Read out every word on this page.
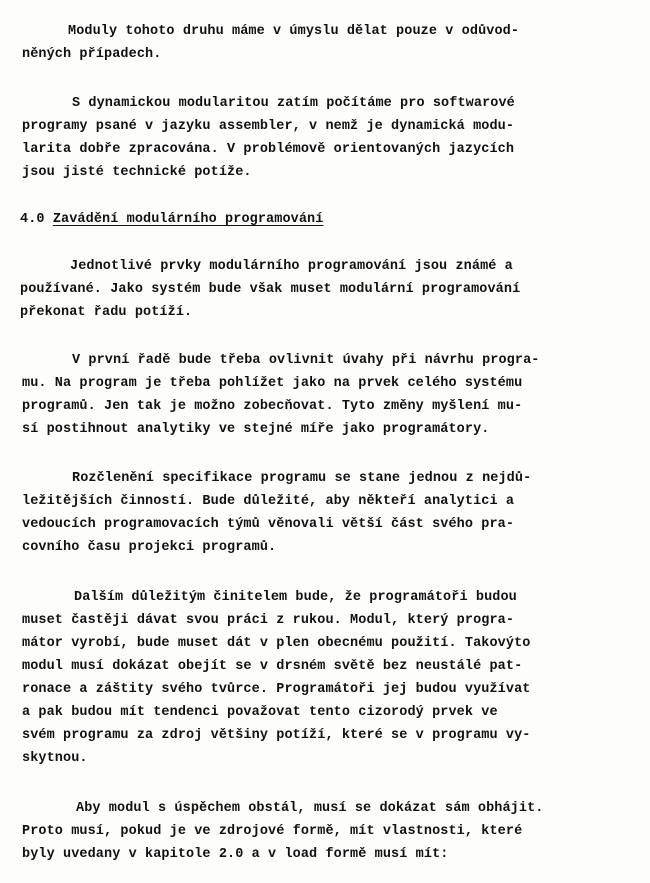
Moduly tohoto druhu máme v úmyslu dělat pouze v odůvod-
něných případech.
S dynamickou modularitou zatím počítáme pro softwarové
programy psané v jazyku assembler, v nemž je dynamická modu-
larita dobře zpracována. V problémově orientovaných jazycích
jsou jisté technické potíže.
4.0 Zavádění modulárního programování
Jednotlivé prvky modulárního programování jsou známé a
používané. Jako systém bude však muset modulární programování
překonat řadu potíží.
V první řadě bude třeba ovlivnit úvahy při návrhu progra-
mu. Na program je třeba pohlížet jako na prvek celého systému
programů. Jen tak je možno zobecňovat. Tyto změny myšlení mu-
sí postihnout analytiky ve stejné míře jako programátory.
Rozčlenění specifikace programu se stane jednou z nejdů-
ležitějších činností. Bude důležité, aby někteří analytici a
vedoucích programovacích týmů věnovali větší část svého pra-
covního času projekci programů.
Dalším důležitým činitelem bude, že programátoři budou
muset častěji dávat svou práci z rukou. Modul, který progra-
mátor vyrobí, bude muset dát v plen obecnému použití. Takovýto
modul musí dokázat obejít se v drsném světě bez neustálé pat-
ronace a záštity svého tvůrce. Programátoři jej budou využívat
a pak budou mít tendenci považovat tento cizorodý prvek ve
svém programu za zdroj většiny potíží, které se v programu vy-
skytnou.
Aby modul s úspěchem obstál, musí se dokázat sám obhájit.
Proto musí, pokud je ve zdrojové formě, mít vlastnosti, které
byly uvedany v kapitole 2.0 a v load formě musí mít:
